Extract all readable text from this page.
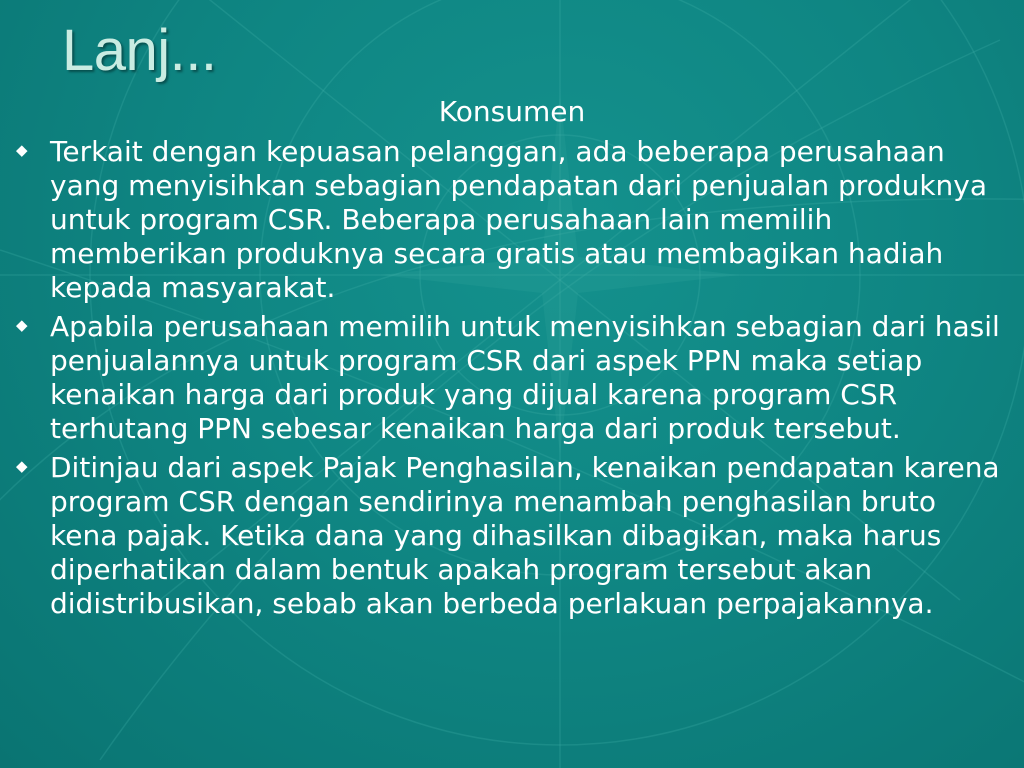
Lanj...
Konsumen
◆ Terkait dengan kepuasan pelanggan, ada beberapa perusahaan yang menyisihkan sebagian pendapatan dari penjualan produknya untuk program CSR. Beberapa perusahaan lain memilih memberikan produknya secara gratis atau membagikan hadiah kepada masyarakat.
◆ Apabila perusahaan memilih untuk menyisihkan sebagian dari hasil penjualannya untuk program CSR dari aspek PPN maka setiap kenaikan harga dari produk yang dijual karena program CSR terhutang PPN sebesar kenaikan harga dari produk tersebut.
◆ Ditinjau dari aspek Pajak Penghasilan, kenaikan pendapatan karena program CSR dengan sendirinya menambah penghasilan bruto kena pajak. Ketika dana yang dihasilkan dibagikan, maka harus diperhatikan dalam bentuk apakah program tersebut akan didistribusikan, sebab akan berbeda perlakuan perpajakannya.
